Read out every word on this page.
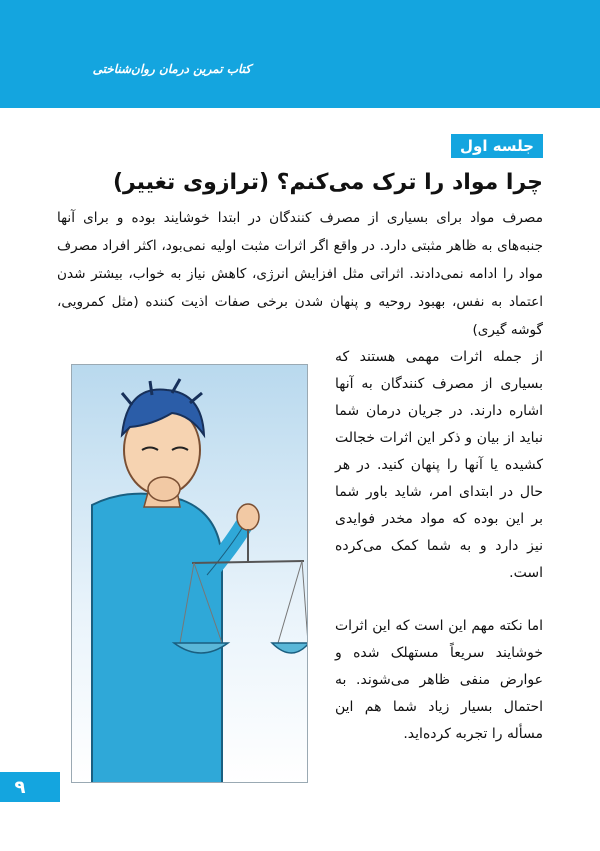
کتاب تمرین درمان روان‌شناختی
جلسه اول
چرا مواد را ترک می‌کنم؟ (ترازوی تغییر)

مصرف مواد برای بسیاری از مصرف کنندگان در ابتدا خوشایند بوده و برای آنها جنبه‌های به ظاهر مثبتی دارد. در واقع اگر اثرات مثبت اولیه نمی‌بود، اکثر افراد مصرف مواد را ادامه نمی‌دادند. اثراتی مثل افزایش انرژی، کاهش نیاز به خواب، بیشتر شدن اعتماد به نفس، بهبود روحیه و پنهان شدن برخی صفات اذیت کننده (مثل کمرویی، گوشه گیری)

از جمله اثرات مهمی هستند که بسیاری از مصرف کنندگان به آنها اشاره دارند. در جریان درمان شما نباید از بیان و ذکر این اثرات خجالت کشیده یا آنها را پنهان کنید. در هر حال در ابتدای امر، شاید باور شما بر این بوده که مواد مخدر فوایدی نیز دارد و به شما کمک می‌کرده است.

اما نکته مهم این است که این اثرات خوشایند سریعاً مستهلک شده و عوارض منفی ظاهر می‌شوند. به احتمال بسیار زیاد شما هم این مسأله را تجربه کرده‌اید.

۹
